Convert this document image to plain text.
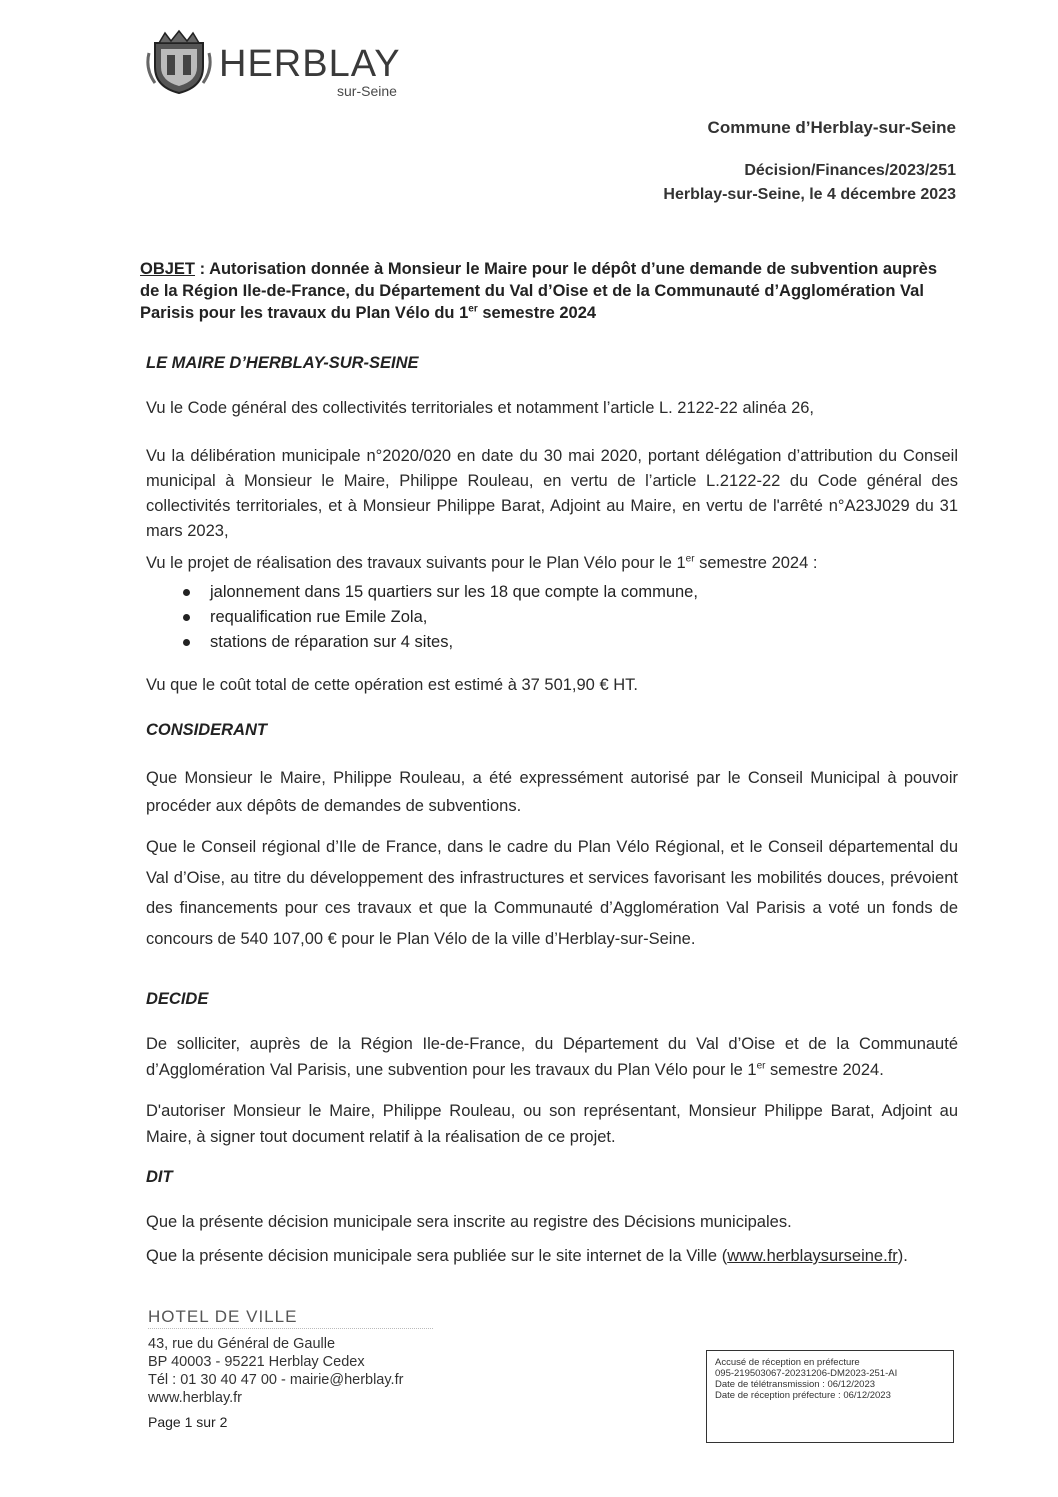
HERBLAY
sur-Seine
Commune d’Herblay-sur-Seine
Décision/Finances/2023/251
Herblay-sur-Seine, le 4 décembre 2023
OBJET : Autorisation donnée à Monsieur le Maire pour le dépôt d’une demande de subvention auprès de la Région Ile-de-France, du Département du Val d’Oise et de la Communauté d’Agglomération Val Parisis pour les travaux du Plan Vélo du 1er semestre 2024
LE MAIRE D’HERBLAY-SUR-SEINE
Vu le Code général des collectivités territoriales et notamment l’article L. 2122-22 alinéa 26,
Vu la délibération municipale n°2020/020 en date du 30 mai 2020, portant délégation d’attribution du Conseil municipal à Monsieur le Maire, Philippe Rouleau, en vertu de l’article L.2122-22 du Code général des collectivités territoriales, et à Monsieur Philippe Barat, Adjoint au Maire, en vertu de l'arrêté n°A23J029 du 31 mars 2023,
Vu le projet de réalisation des travaux suivants pour le Plan Vélo pour le 1er semestre 2024 :
jalonnement dans 15 quartiers sur les 18 que compte la commune,
requalification rue Emile Zola,
stations de réparation sur 4 sites,
Vu que le coût total de cette opération est estimé à 37 501,90 € HT.
CONSIDERANT
Que Monsieur le Maire, Philippe Rouleau, a été expressément autorisé par le Conseil Municipal à pouvoir procéder aux dépôts de demandes de subventions.
Que le Conseil régional d’Ile de France, dans le cadre du Plan Vélo Régional, et le Conseil départemental du Val d’Oise, au titre du développement des infrastructures et services favorisant les mobilités douces, prévoient des financements pour ces travaux et que la Communauté d’Agglomération Val Parisis a voté un fonds de concours de 540 107,00 € pour le Plan Vélo de la ville d’Herblay-sur-Seine.
DECIDE
De solliciter, auprès de la Région Ile-de-France, du Département du Val d’Oise et de la Communauté d’Agglomération Val Parisis, une subvention pour les travaux du Plan Vélo pour le 1er semestre 2024.
D'autoriser Monsieur le Maire, Philippe Rouleau, ou son représentant, Monsieur Philippe Barat, Adjoint au Maire, à signer tout document relatif à la réalisation de ce projet.
DIT
Que la présente décision municipale sera inscrite au registre des Décisions municipales.
Que la présente décision municipale sera publiée sur le site internet de la Ville (www.herblaysurseine.fr).
HOTEL DE VILLE
43, rue du Général de Gaulle
BP 40003 - 95221 Herblay Cedex
Tél : 01 30 40 47 00 - mairie@herblay.fr
www.herblay.fr
Page 1 sur 2
Accusé de réception en préfecture
095-219503067-20231206-DM2023-251-AI
Date de télétransmission : 06/12/2023
Date de réception préfecture : 06/12/2023
